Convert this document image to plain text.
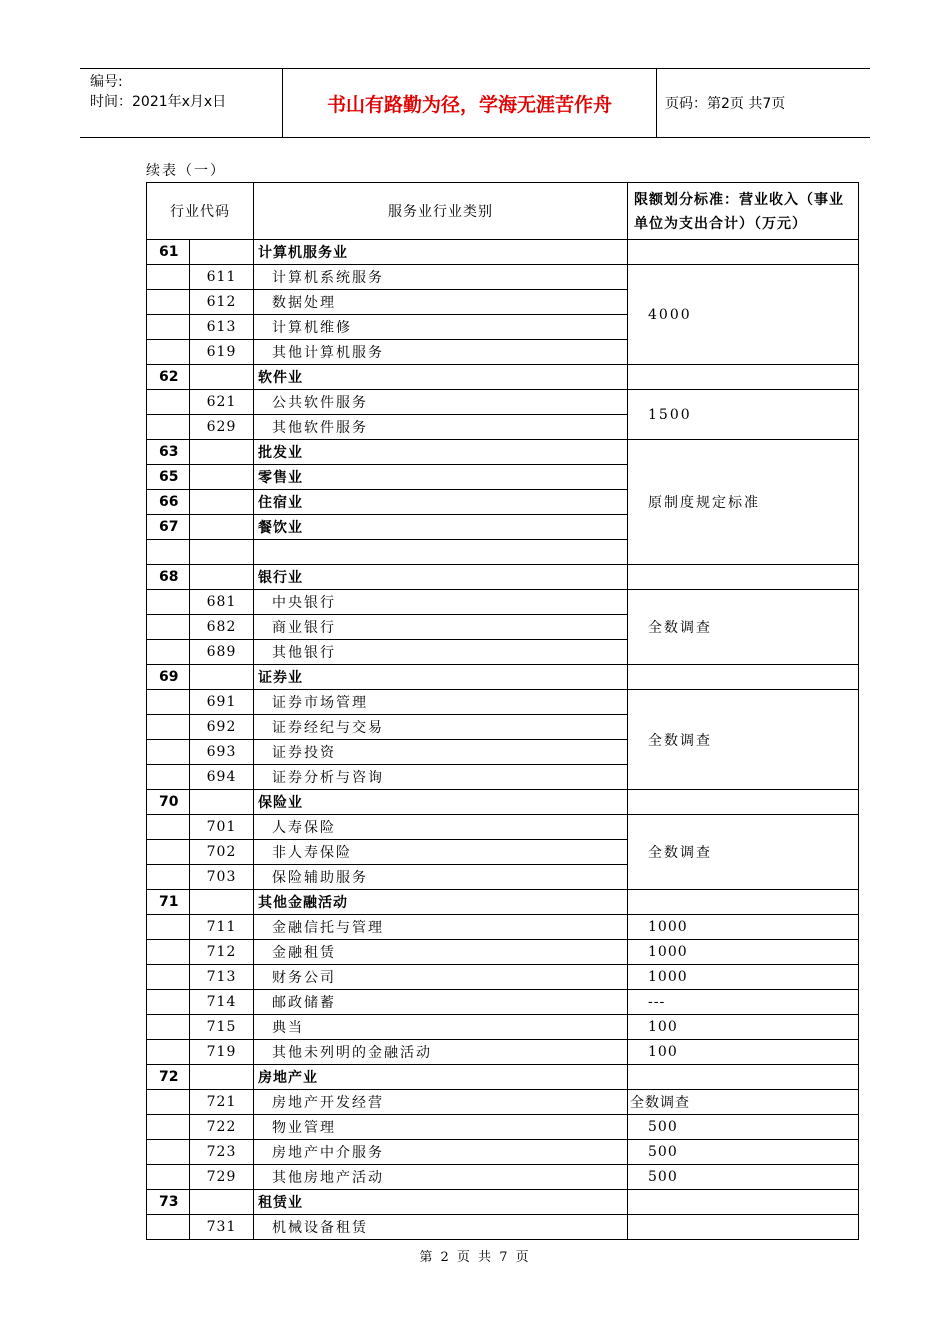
编号:
时间：2021年x月x日	书山有路勤为径，学海无涯苦作舟	页码：第2页 共7页
续表（一）
行业代码		服务业行业类别	限额划分标准：营业收入（事业单位为支出合计）（万元）
61		计算机服务业	
	611	计算机系统服务	4000
	612	数据处理	
	613	计算机维修	
	619	其他计算机服务	
62		软件业	
	621	公共软件服务	1500
	629	其他软件服务	
63		批发业	原制度规定标准
65		零售业	
66		住宿业	
67		餐饮业	

68		银行业	
	681	中央银行	全数调查
	682	商业银行	
	689	其他银行	
69		证券业	
	691	证券市场管理	全数调查
	692	证券经纪与交易	
	693	证券投资	
	694	证券分析与咨询	
70		保险业	
	701	人寿保险	全数调查
	702	非人寿保险	
	703	保险辅助服务	
71		其他金融活动	
	711	金融信托与管理	1000
	712	金融租赁	1000
	713	财务公司	1000
	714	邮政储蓄	---
	715	典当	100
	719	其他未列明的金融活动	100
72		房地产业	
	721	房地产开发经营	全数调查
	722	物业管理	500
	723	房地产中介服务	500
	729	其他房地产活动	500
73		租赁业	
	731	机械设备租赁	
第 2 页 共 7 页
